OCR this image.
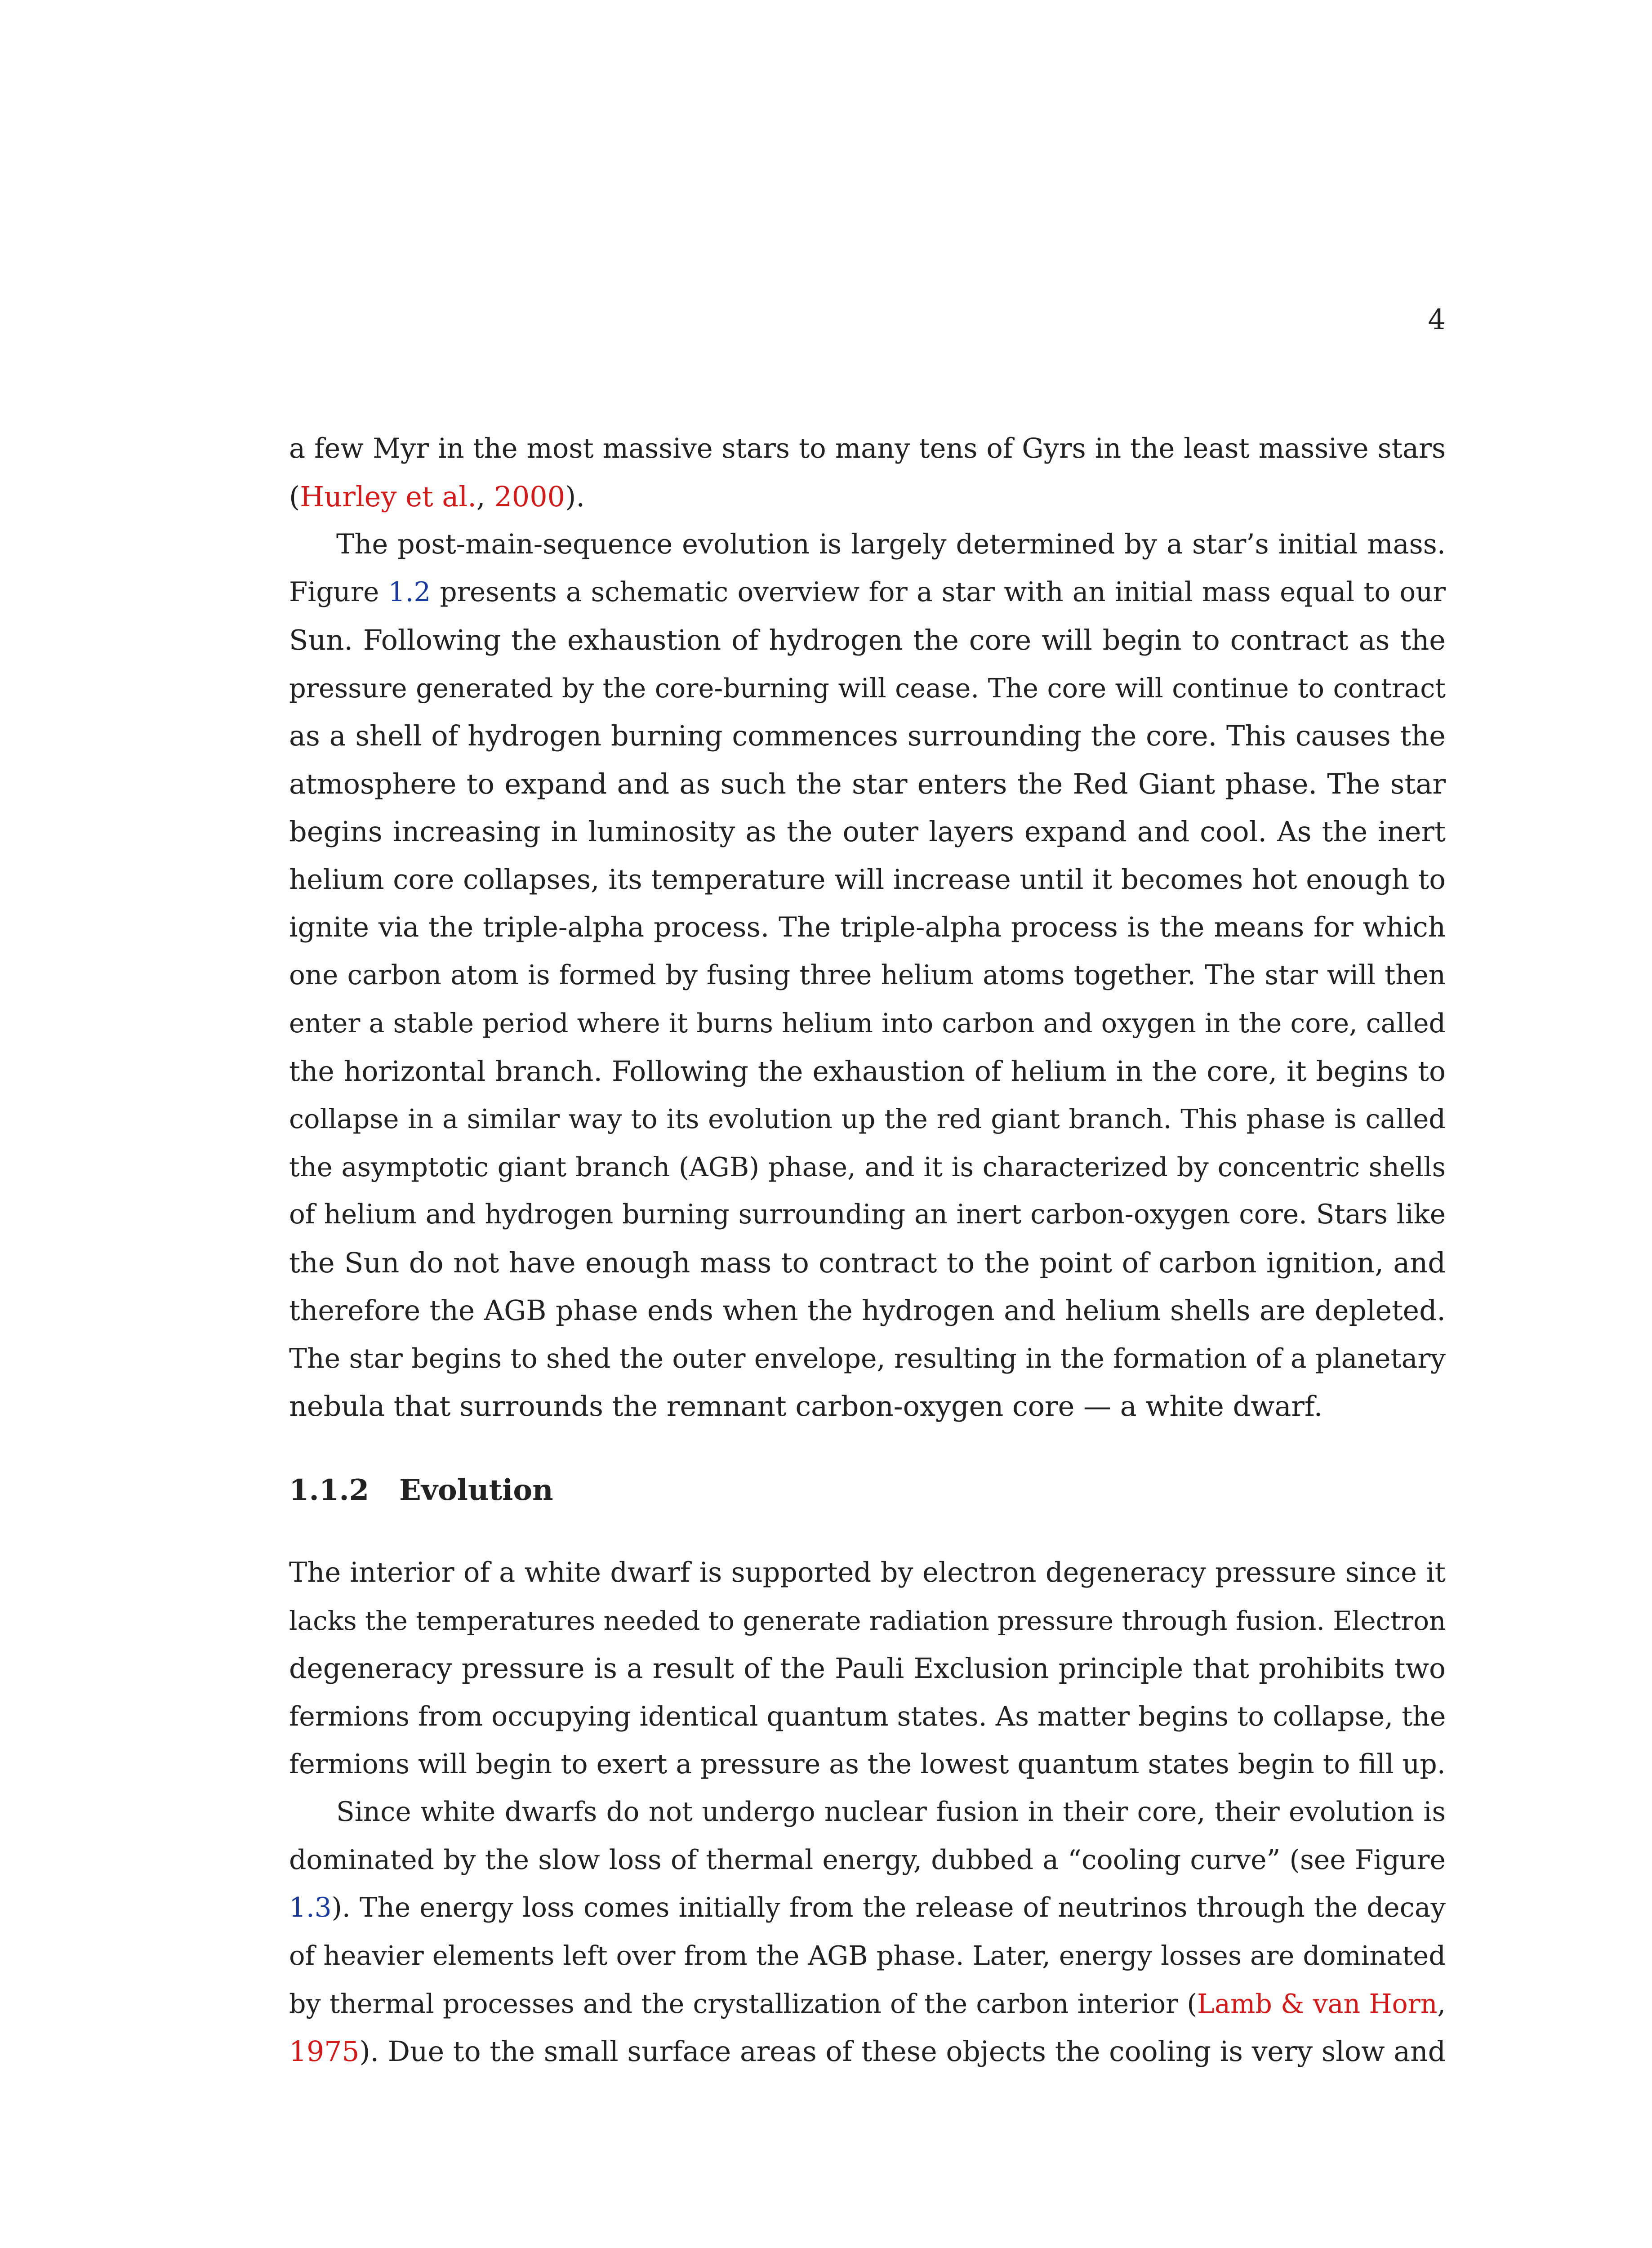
4
a few Myr in the most massive stars to many tens of Gyrs in the least massive stars
(Hurley et al., 2000).
The post-main-sequence evolution is largely determined by a star’s initial mass.
Figure 1.2 presents a schematic overview for a star with an initial mass equal to our
Sun. Following the exhaustion of hydrogen the core will begin to contract as the
pressure generated by the core-burning will cease. The core will continue to contract
as a shell of hydrogen burning commences surrounding the core. This causes the
atmosphere to expand and as such the star enters the Red Giant phase. The star
begins increasing in luminosity as the outer layers expand and cool. As the inert
helium core collapses, its temperature will increase until it becomes hot enough to
ignite via the triple-alpha process. The triple-alpha process is the means for which
one carbon atom is formed by fusing three helium atoms together. The star will then
enter a stable period where it burns helium into carbon and oxygen in the core, called
the horizontal branch. Following the exhaustion of helium in the core, it begins to
collapse in a similar way to its evolution up the red giant branch. This phase is called
the asymptotic giant branch (AGB) phase, and it is characterized by concentric shells
of helium and hydrogen burning surrounding an inert carbon-oxygen core. Stars like
the Sun do not have enough mass to contract to the point of carbon ignition, and
therefore the AGB phase ends when the hydrogen and helium shells are depleted.
The star begins to shed the outer envelope, resulting in the formation of a planetary
nebula that surrounds the remnant carbon-oxygen core — a white dwarf.
1.1.2 Evolution
The interior of a white dwarf is supported by electron degeneracy pressure since it
lacks the temperatures needed to generate radiation pressure through fusion. Electron
degeneracy pressure is a result of the Pauli Exclusion principle that prohibits two
fermions from occupying identical quantum states. As matter begins to collapse, the
fermions will begin to exert a pressure as the lowest quantum states begin to fill up.
Since white dwarfs do not undergo nuclear fusion in their core, their evolution is
dominated by the slow loss of thermal energy, dubbed a “cooling curve” (see Figure
1.3). The energy loss comes initially from the release of neutrinos through the decay
of heavier elements left over from the AGB phase. Later, energy losses are dominated
by thermal processes and the crystallization of the carbon interior (Lamb & van Horn,
1975). Due to the small surface areas of these objects the cooling is very slow and
